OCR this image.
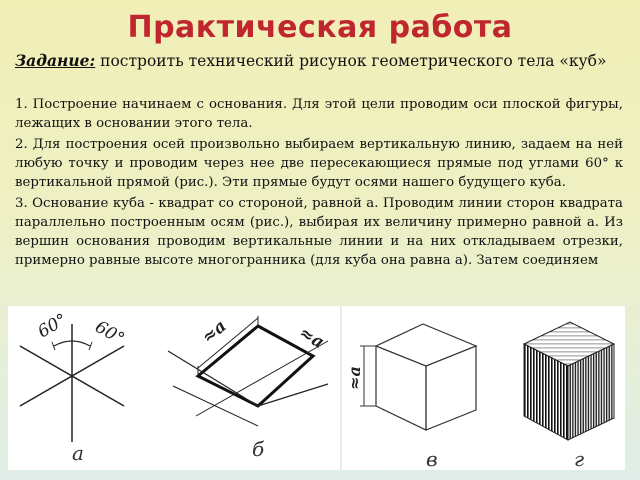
Практическая работа

Задание: построить технический рисунок геометрического тела «куб»

1. Построение начинаем с основания. Для этой цели проводим оси плоской фигуры, лежащих в основании этого тела.

2. Для построения осей произвольно выбираем вертикальную линию, задаем на ней любую точку и проводим через нее две пересекающиеся прямые под углами 60° к вертикальной прямой (рис.). Эти прямые будут осями нашего будущего куба.

3. Основание куба - квадрат со стороной, равной а. Проводим линии сторон квадрата параллельно построенным осям (рис.), выбирая их величину примерно равной а. Из вершин основания проводим вертикальные линии и на них откладываем отрезки, примерно равные высоте многогранника (для куба она равна а). Затем соединяем

60° 60°
а
≈a	≈a
б
≈a
в	г
